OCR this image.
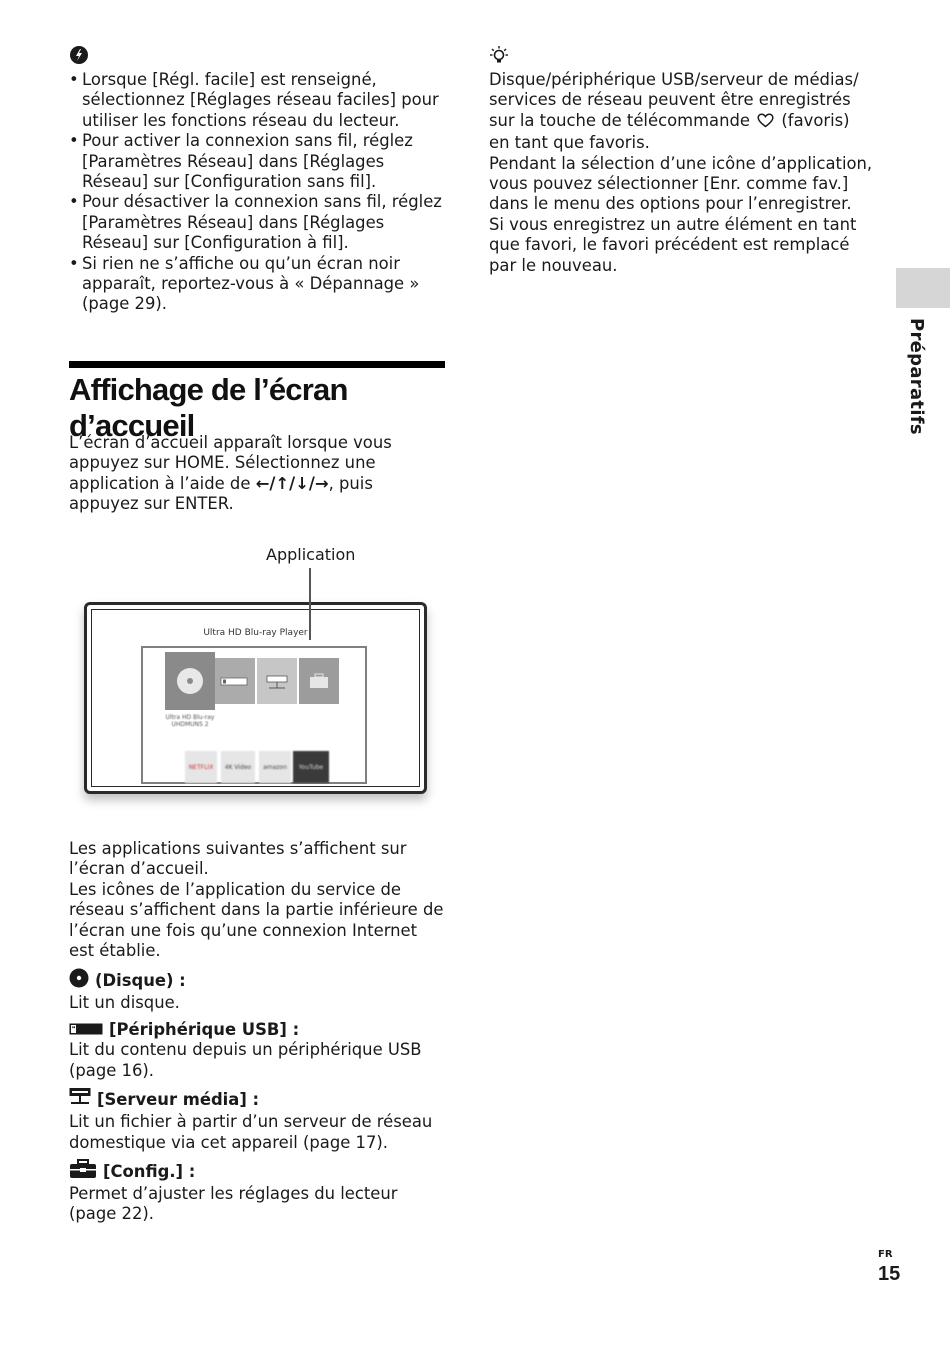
• Lorsque [Régl. facile] est renseigné, sélectionnez [Réglages réseau faciles] pour utiliser les fonctions réseau du lecteur.
• Pour activer la connexion sans fil, réglez [Paramètres Réseau] dans [Réglages Réseau] sur [Configuration sans fil].
• Pour désactiver la connexion sans fil, réglez [Paramètres Réseau] dans [Réglages Réseau] sur [Configuration à fil].
• Si rien ne s’affiche ou qu’un écran noir apparaît, reportez-vous à « Dépannage » (page 29).
Disque/périphérique USB/serveur de médias/ services de réseau peuvent être enregistrés sur la touche de télécommande (favoris) en tant que favoris.
Pendant la sélection d’une icône d’application, vous pouvez sélectionner [Enr. comme fav.] dans le menu des options pour l’enregistrer.
Si vous enregistrez un autre élément en tant que favori, le favori précédent est remplacé par le nouveau.
Préparatifs
Affichage de l’écran d’accueil
L’écran d’accueil apparaît lorsque vous appuyez sur HOME. Sélectionnez une application à l’aide de ←/↑/↓/→, puis appuyez sur ENTER.
Application
Ultra HD Blu-ray Player
Ultra HD Blu-ray
UHDMUNS 2
NETFLIX	4K Video	amazon	YouTube
Les applications suivantes s’affichent sur l’écran d’accueil.
Les icônes de l’application du service de réseau s’affichent dans la partie inférieure de l’écran une fois qu’une connexion Internet est établie.
(Disque) :
Lit un disque.
[Périphérique USB] :
Lit du contenu depuis un périphérique USB (page 16).
[Serveur média] :
Lit un fichier à partir d’un serveur de réseau domestique via cet appareil (page 17).
[Config.] :
Permet d’ajuster les réglages du lecteur (page 22).
FR
15
